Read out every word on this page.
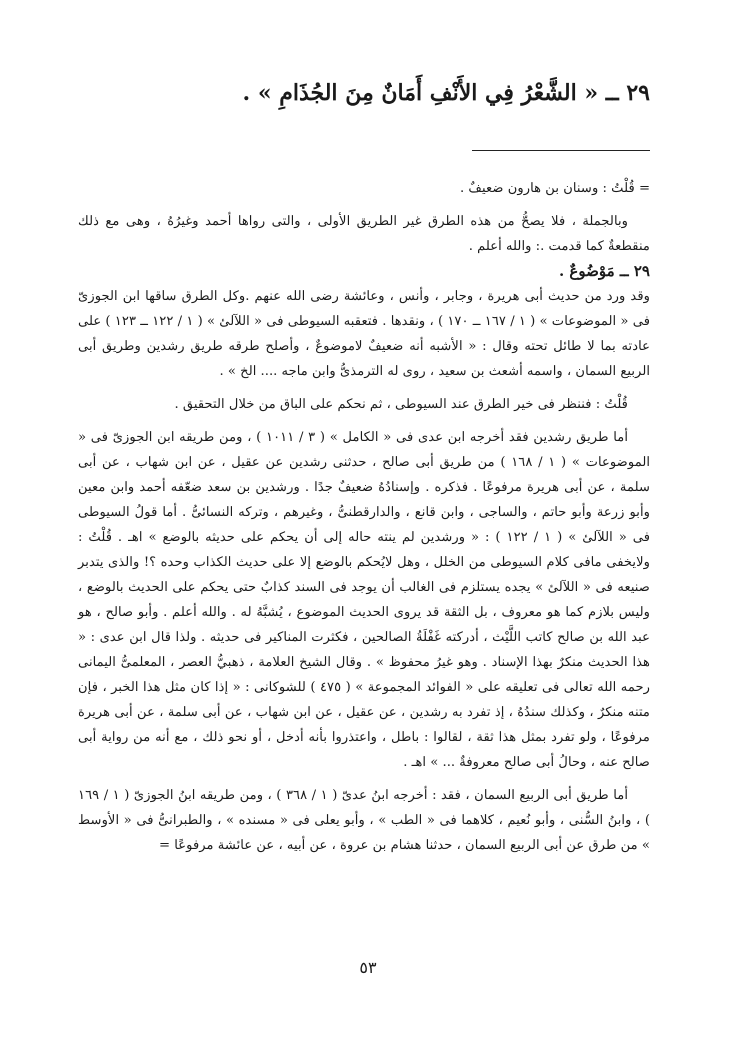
٢٩ ــ « الشَّعْرُ فِي الأَنْفِ أَمَانٌ مِنَ الجُذَامِ » .

= قُلْتُ : وسنان بن هارون ضعيفٌ .

وبالجملة ، فلا يصحُّ من هذه الطرق غير الطريق الأولى ، والتى رواها أحمد وغيرُهُ ، وهى مع ذلك منقطعةٌ كما قدمت .: والله أعلم .

٢٩ ــ مَوْضُوعٌ .

وقد ورد من حديث أبى هريرة ، وجابر ، وأنس ، وعائشة رضى الله عنهم .وكل الطرق ساقها ابن الجوزىّ فى « الموضوعات » ( ١ / ١٦٧ ــ ١٧٠ ) ، ونقدها . فتعقبه السيوطى فى « اللآلئ » ( ١ / ١٢٢ ــ ١٢٣ ) على عادته بما لا طائل تحته وقال : « الأشبه أنه ضعيفٌ لاموضوعٌ ، وأصلح طرقه طريق رشدين وطريق أبى الربيع السمان ، واسمه أشعث بن سعيد ، روى له الترمذىُّ وابن ماجه .... الخ » .

قُلْتُ : فننظر فى خير الطرق عند السيوطى ، ثم نحكم على الباق من خلال التحقيق .

أما طريق رشدين فقد أخرجه ابن عدى فى « الكامل » ( ٣ / ١٠١١ ) ، ومن طريقه ابن الجوزىّ فى « الموضوعات » ( ١ / ١٦٨ ) من طريق أبى صالح ، حدثنى رشدين عن عقيل ، عن ابن شهاب ، عن أبى سلمة ، عن أبى هريرة مرفوعًا . فذكره . وإسنادُهُ ضعيفٌ جدًا . ورشدين بن سعد ضعّفه أحمد وابن معين وأبو زرعة وأبو حاتم ، والساجى ، وابن قانع ، والدارقطنىُّ ، وغيرهم ، وتركه النسائىُّ . أما قولُ السيوطى فى « اللآلئ » ( ١ / ١٢٢ ) : « ورشدين لم ينته حاله إلى أن يحكم على حديثه بالوضع » اهـ . قُلْتُ : ولايخفى مافى كلام السيوطى من الخلل ، وهل لايُحكم بالوضع إلا على حديث الكذاب وحده ؟! والذى يتدبر صنيعه فى « اللآلئ » يجده يستلزم فى الغالب أن يوجد فى السند كذابٌ حتى يحكم على الحديث بالوضع ، وليس بلازم كما هو معروف ، بل الثقة قد يروى الحديث الموضوع ، يُشبَّهُ له . والله أعلم . وأبو صالح ، هو عبد الله بن صالح كاتب اللَّيْث ، أدركته غَفْلَةُ الصالحين ، فكثرت المناكير فى حديثه . ولذا قال ابن عدى : « هذا الحديث منكرٌ بهذا الإسناد . وهو غيرُ محفوظ » . وقال الشيخ العلامة ، ذهبيُّ العصر ، المعلمىُّ اليمانى رحمه الله تعالى فى تعليقه على « الفوائد المجموعة » ( ٤٧٥ ) للشوكانى : « إذا كان مثل هذا الخبر ، فإن متنه منكرٌ ، وكذلك سندُهُ ، إذ تفرد به رشدين ، عن عقيل ، عن ابن شهاب ، عن أبى سلمة ، عن أبى هريرة مرفوعًا ، ولو تفرد بمثل هذا ثقة ، لقالوا : باطل ، واعتذروا بأنه أدخل ، أو نحو ذلك ، مع أنه من رواية أبى صالح عنه ، وحالُ أبى صالح معروفةٌ ... » اهـ .

أما طريق أبى الربيع السمان ، فقد : أخرجه ابنُ عدىّ ( ١ / ٣٦٨ ) ، ومن طريقه ابنُ الجوزىّ ( ١ / ١٦٩ ) ، وابنُ السُّنى ، وأبو نُعيم ، كلاهما فى « الطب » ، وأبو يعلى فى « مسنده » ، والطبرانىُّ فى « الأوسط » من طرق عن أبى الربيع السمان ، حدثنا هشام بن عروة ، عن أبيه ، عن عائشة مرفوعًا =

٥٣
